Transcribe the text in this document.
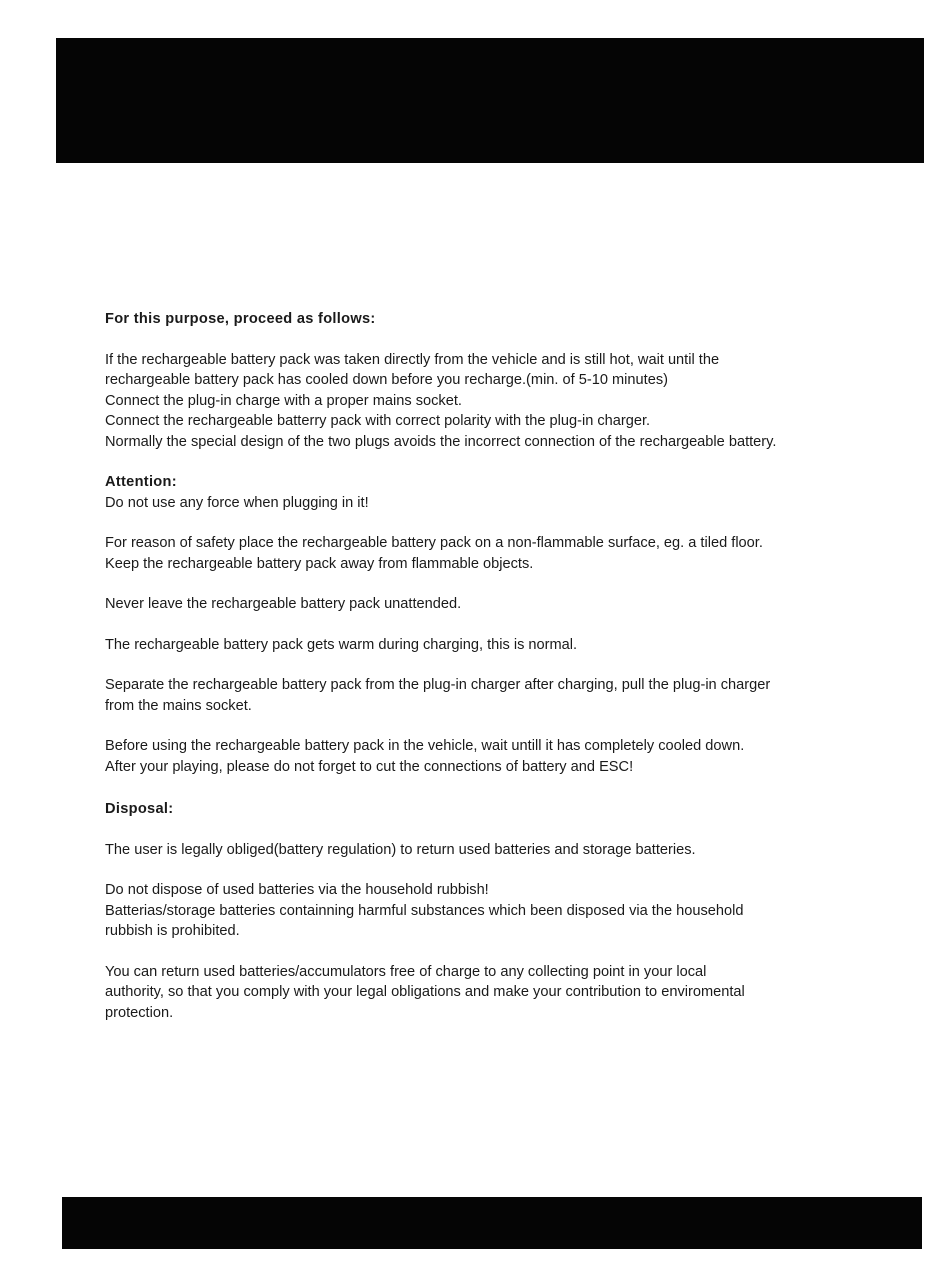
For this purpose, proceed as follows:

If the rechargeable battery pack was taken directly from the vehicle and is still hot, wait until the

rechargeable battery pack has cooled down before you recharge.(min. of 5-10 minutes)

Connect the plug-in charge with a proper mains socket.

Connect the rechargeable batterry pack with correct polarity with the plug-in charger.

Normally the special design of the two plugs avoids the incorrect connection of the rechargeable battery.

Attention:

Do not use any force when plugging in it!

For reason of safety place the rechargeable battery pack on a non-flammable surface, eg. a tiled floor.

Keep the rechargeable battery pack away from flammable objects.

Never leave the rechargeable battery pack unattended.

The rechargeable battery pack gets warm during charging, this is normal.

Separate the rechargeable battery pack from the plug-in charger after charging, pull the plug-in charger

from the mains socket.

Before using the rechargeable battery pack in the vehicle, wait untill it has completely cooled down.

After your playing, please do not forget to cut the connections of battery and ESC!

Disposal:

The user is legally obliged(battery regulation) to return used batteries and storage batteries.

Do not dispose of used batteries via the household rubbish!

Batterias/storage batteries containning harmful substances which been disposed via the household

rubbish is prohibited.

You can return used batteries/accumulators free of charge to any collecting point in your local

authority, so that you comply with your legal obligations and make your contribution to enviromental

protection.
